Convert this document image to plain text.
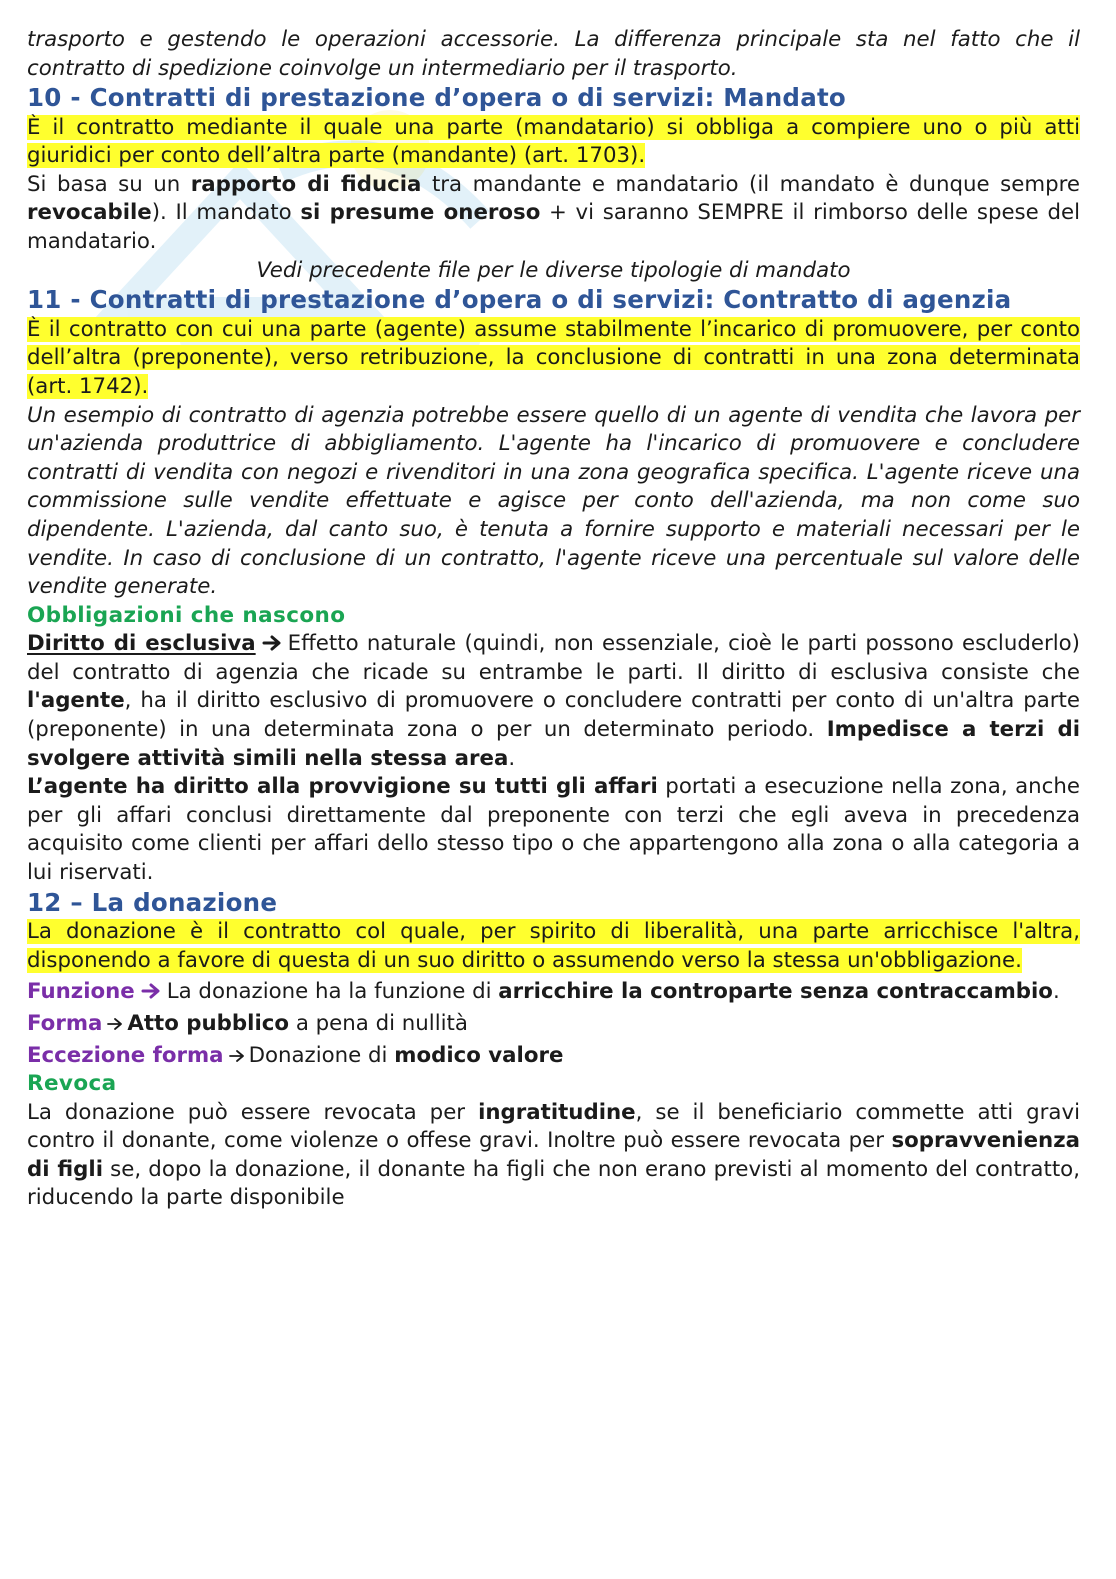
trasporto e gestendo le operazioni accessorie. La differenza principale sta nel fatto che il contratto di spedizione coinvolge un intermediario per il trasporto.

10 - Contratti di prestazione d’opera o di servizi: Mandato

È il contratto mediante il quale una parte (mandatario) si obbliga a compiere uno o più atti giuridici per conto dell’altra parte (mandante) (art. 1703).

Si basa su un rapporto di fiducia tra mandante e mandatario (il mandato è dunque sempre revocabile). Il mandato si presume oneroso + vi saranno SEMPRE il rimborso delle spese del mandatario.

Vedi precedente file per le diverse tipologie di mandato

11 - Contratti di prestazione d’opera o di servizi: Contratto di agenzia

È il contratto con cui una parte (agente) assume stabilmente l’incarico di promuovere, per conto dell’altra (preponente), verso retribuzione, la conclusione di contratti in una zona determinata (art. 1742).

Un esempio di contratto di agenzia potrebbe essere quello di un agente di vendita che lavora per un'azienda produttrice di abbigliamento. L'agente ha l'incarico di promuovere e concludere contratti di vendita con negozi e rivenditori in una zona geografica specifica. L'agente riceve una commissione sulle vendite effettuate e agisce per conto dell'azienda, ma non come suo dipendente. L'azienda, dal canto suo, è tenuta a fornire supporto e materiali necessari per le vendite. In caso di conclusione di un contratto, l'agente riceve una percentuale sul valore delle vendite generate.

Obbligazioni che nascono

Diritto di esclusiva Effetto naturale (quindi, non essenziale, cioè le parti possono escluderlo) del contratto di agenzia che ricade su entrambe le parti. Il diritto di esclusiva consiste che l'agente, ha il diritto esclusivo di promuovere o concludere contratti per conto di un'altra parte (preponente) in una determinata zona o per un determinato periodo. Impedisce a terzi di svolgere attività simili nella stessa area.

L’agente ha diritto alla provvigione su tutti gli affari portati a esecuzione nella zona, anche per gli affari conclusi direttamente dal preponente con terzi che egli aveva in precedenza acquisito come clienti per affari dello stesso tipo o che appartengono alla zona o alla categoria a lui riservati.

12 – La donazione

La donazione è il contratto col quale, per spirito di liberalità, una parte arricchisce l'altra, disponendo a favore di questa di un suo diritto o assumendo verso la stessa un'obbligazione.

Funzione La donazione ha la funzione di arricchire la controparte senza contraccambio.

Forma Atto pubblico a pena di nullità

Eccezione forma Donazione di modico valore

Revoca

La donazione può essere revocata per ingratitudine, se il beneficiario commette atti gravi contro il donante, come violenze o offese gravi. Inoltre può essere revocata per sopravvenienza di figli se, dopo la donazione, il donante ha figli che non erano previsti al momento del contratto, riducendo la parte disponibile
